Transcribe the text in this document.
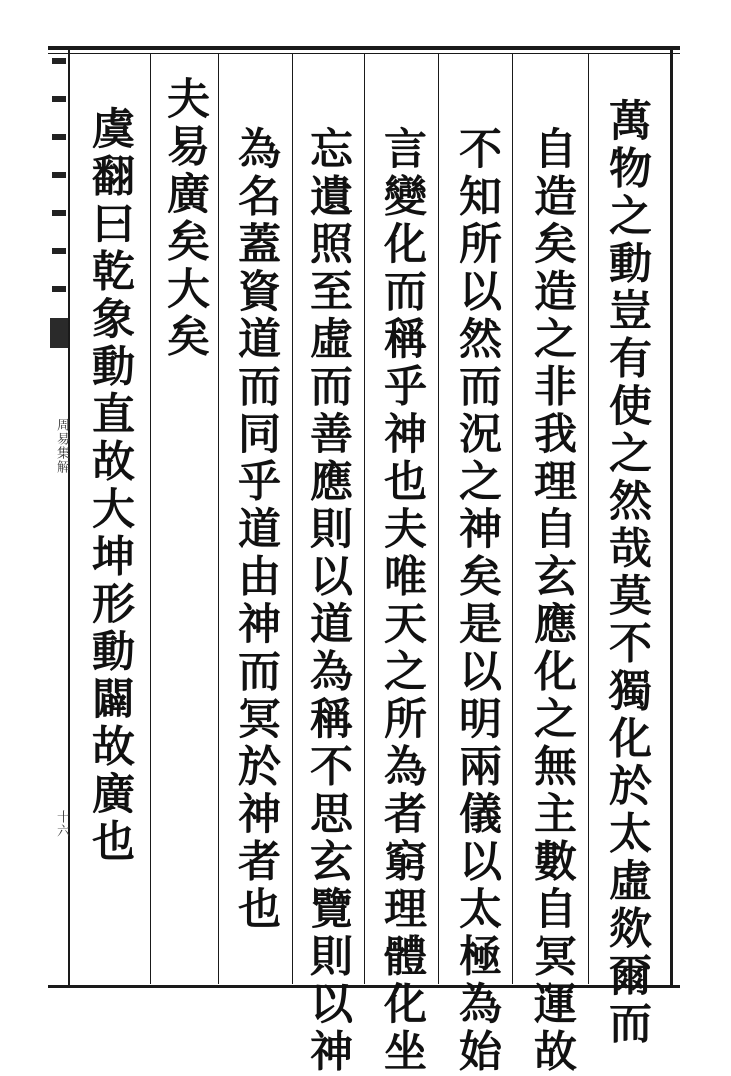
周易集解
十六	萬物之動豈有使之然哉莫不獨化於太虛欻爾而
自造矣造之非我理自玄應化之無主數自冥運故
不知所以然而況之神矣是以明兩儀以太極為始
言變化而稱乎神也夫唯天之所為者窮理體化坐
忘遺照至虛而善應則以道為稱不思玄覽則以神
為名蓋資道而同乎道由神而冥於神者也
夫易廣矣大矣
虞翻曰乾象動直故大坤形動闢故廣也
